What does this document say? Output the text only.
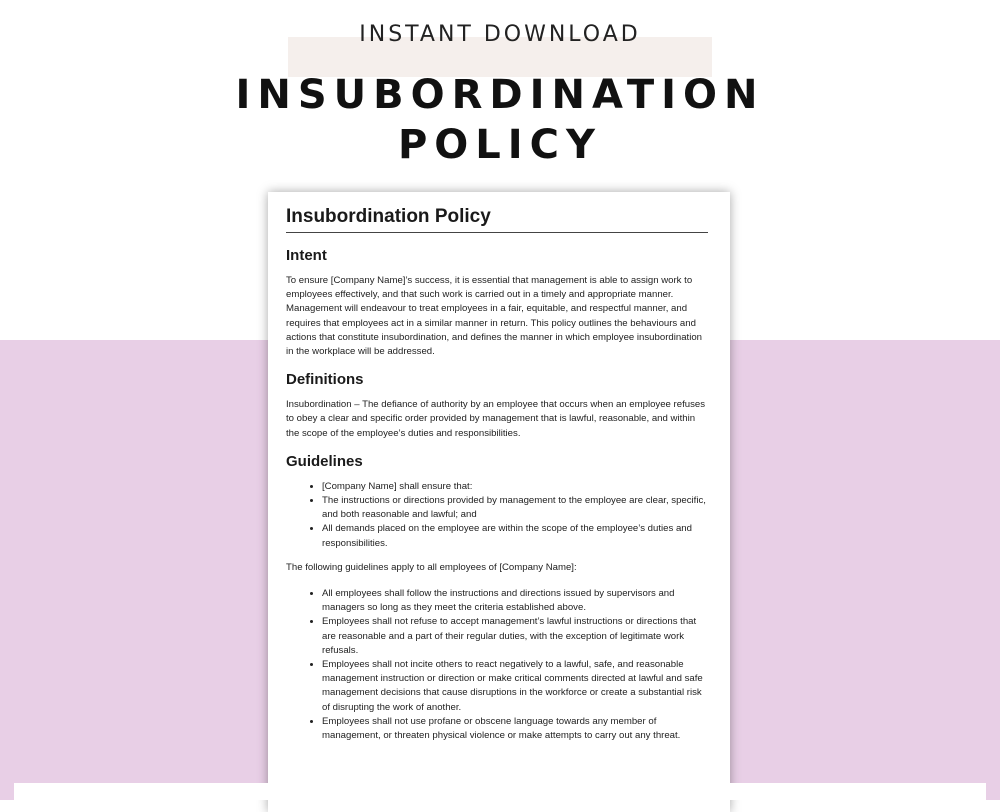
INSTANT DOWNLOAD
INSUBORDINATION
POLICY
Insubordination Policy
Intent
To ensure [Company Name]’s success, it is essential that management is able to assign work to employees effectively, and that such work is carried out in a timely and appropriate manner. Management will endeavour to treat employees in a fair, equitable, and respectful manner, and requires that employees act in a similar manner in return. This policy outlines the behaviours and actions that constitute insubordination, and defines the manner in which employee insubordination in the workplace will be addressed.
Definitions
Insubordination – The defiance of authority by an employee that occurs when an employee refuses to obey a clear and specific order provided by management that is lawful, reasonable, and within the scope of the employee’s duties and responsibilities.
Guidelines
• [Company Name] shall ensure that:
• The instructions or directions provided by management to the employee are clear, specific, and both reasonable and lawful; and
• All demands placed on the employee are within the scope of the employee’s duties and responsibilities.
The following guidelines apply to all employees of [Company Name]:
• All employees shall follow the instructions and directions issued by supervisors and managers so long as they meet the criteria established above.
• Employees shall not refuse to accept management’s lawful instructions or directions that are reasonable and a part of their regular duties, with the exception of legitimate work refusals.
• Employees shall not incite others to react negatively to a lawful, safe, and reasonable management instruction or direction or make critical comments directed at lawful and safe management decisions that cause disruptions in the workforce or create a substantial risk of disrupting the work of another.
• Employees shall not use profane or obscene language towards any member of management, or threaten physical violence or make attempts to carry out any threat.
